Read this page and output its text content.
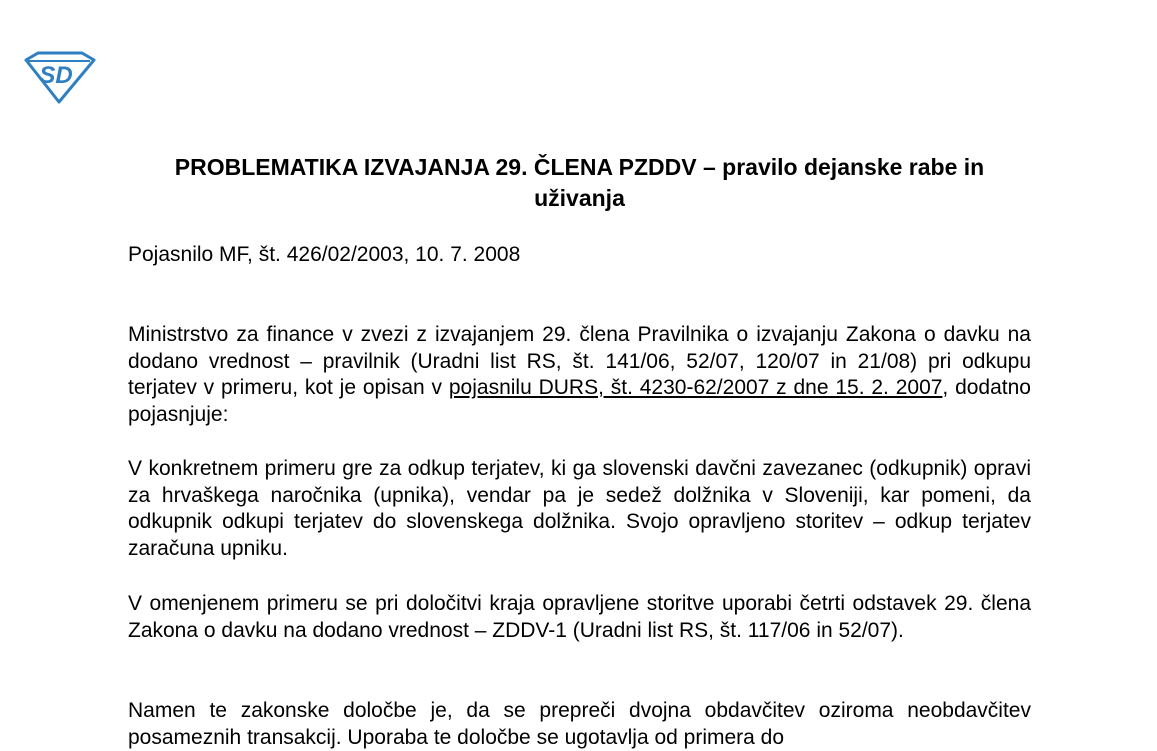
SD
PROBLEMATIKA IZVAJANJA 29. ČLENA PZDDV – pravilo dejanske rabe in uživanja
Pojasnilo MF, št. 426/02/2003, 10. 7. 2008

Ministrstvo za finance v zvezi z izvajanjem 29. člena Pravilnika o izvajanju Zakona o davku na dodano vrednost – pravilnik (Uradni list RS, št. 141/06, 52/07, 120/07 in 21/08) pri odkupu terjatev v primeru, kot je opisan v pojasnilu DURS, št. 4230-62/2007 z dne 15. 2. 2007, dodatno pojasnjuje:

V konkretnem primeru gre za odkup terjatev, ki ga slovenski davčni zavezanec (odkupnik) opravi za hrvaškega naročnika (upnika), vendar pa je sedež dolžnika v Sloveniji, kar pomeni, da odkupnik odkupi terjatev do slovenskega dolžnika. Svojo opravljeno storitev – odkup terjatev zaračuna upniku.

V omenjenem primeru se pri določitvi kraja opravljene storitve uporabi četrti odstavek 29. člena Zakona o davku na dodano vrednost – ZDDV-1 (Uradni list RS, št. 117/06 in 52/07).

Namen te zakonske določbe je, da se prepreči dvojna obdavčitev oziroma neobdavčitev posameznih transakcij. Uporaba te določbe se ugotavlja od primera do
